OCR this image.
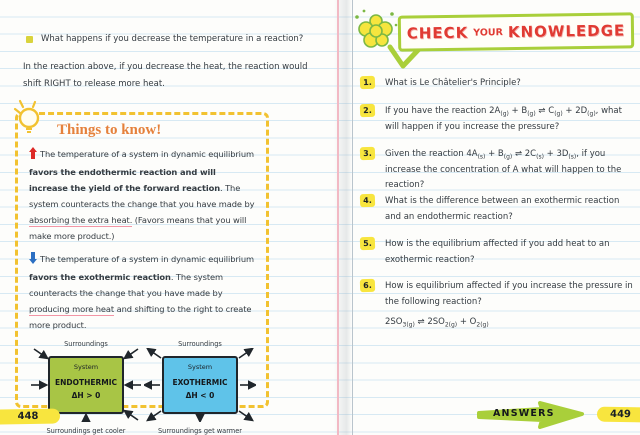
What happens if you decrease the temperature in a reaction?
In the reaction above, if you decrease the heat, the reaction would shift RIGHT to release more heat.
Things to know!
The temperature of a system in dynamic equilibrium favors the endothermic reaction and will increase the yield of the forward reaction. The system counteracts the change that you have made by absorbing the extra heat. (Favors means that you will make more product.)
The temperature of a system in dynamic equilibrium favors the exothermic reaction. The system counteracts the change that you have made by producing more heat and shifting to the right to create more product.
Surroundings
System
ENDOTHERMIC
ΔH > 0
Surroundings get cooler
Surroundings
System
EXOTHERMIC
ΔH < 0
Surroundings get warmer
448
CHECK YOUR KNOWLEDGE
1.	What is Le Châtelier's Principle?
2.	If you have the reaction $2A_{(g)} + B_{(g)}$ ⇌ $C_{(g)} + 2D_{(g)}$, what will happen if you increase the pressure?
3.	Given the reaction $4A_{(s)} + B_{(g)}$ ⇌ $2C_{(s)} + 3D_{(s)}$, if you increase the concentration of A what will happen to the reaction?
4.	What is the difference between an exothermic reaction and an endothermic reaction?
5.	How is the equilibrium affected if you add heat to an exothermic reaction?
6.	How is equilibrium affected if you increase the pressure in the following reaction?
$2SO_{3(g)}$ ⇌ $2SO_{2(g)} + O_{2(g)}$
ANSWERS	449
